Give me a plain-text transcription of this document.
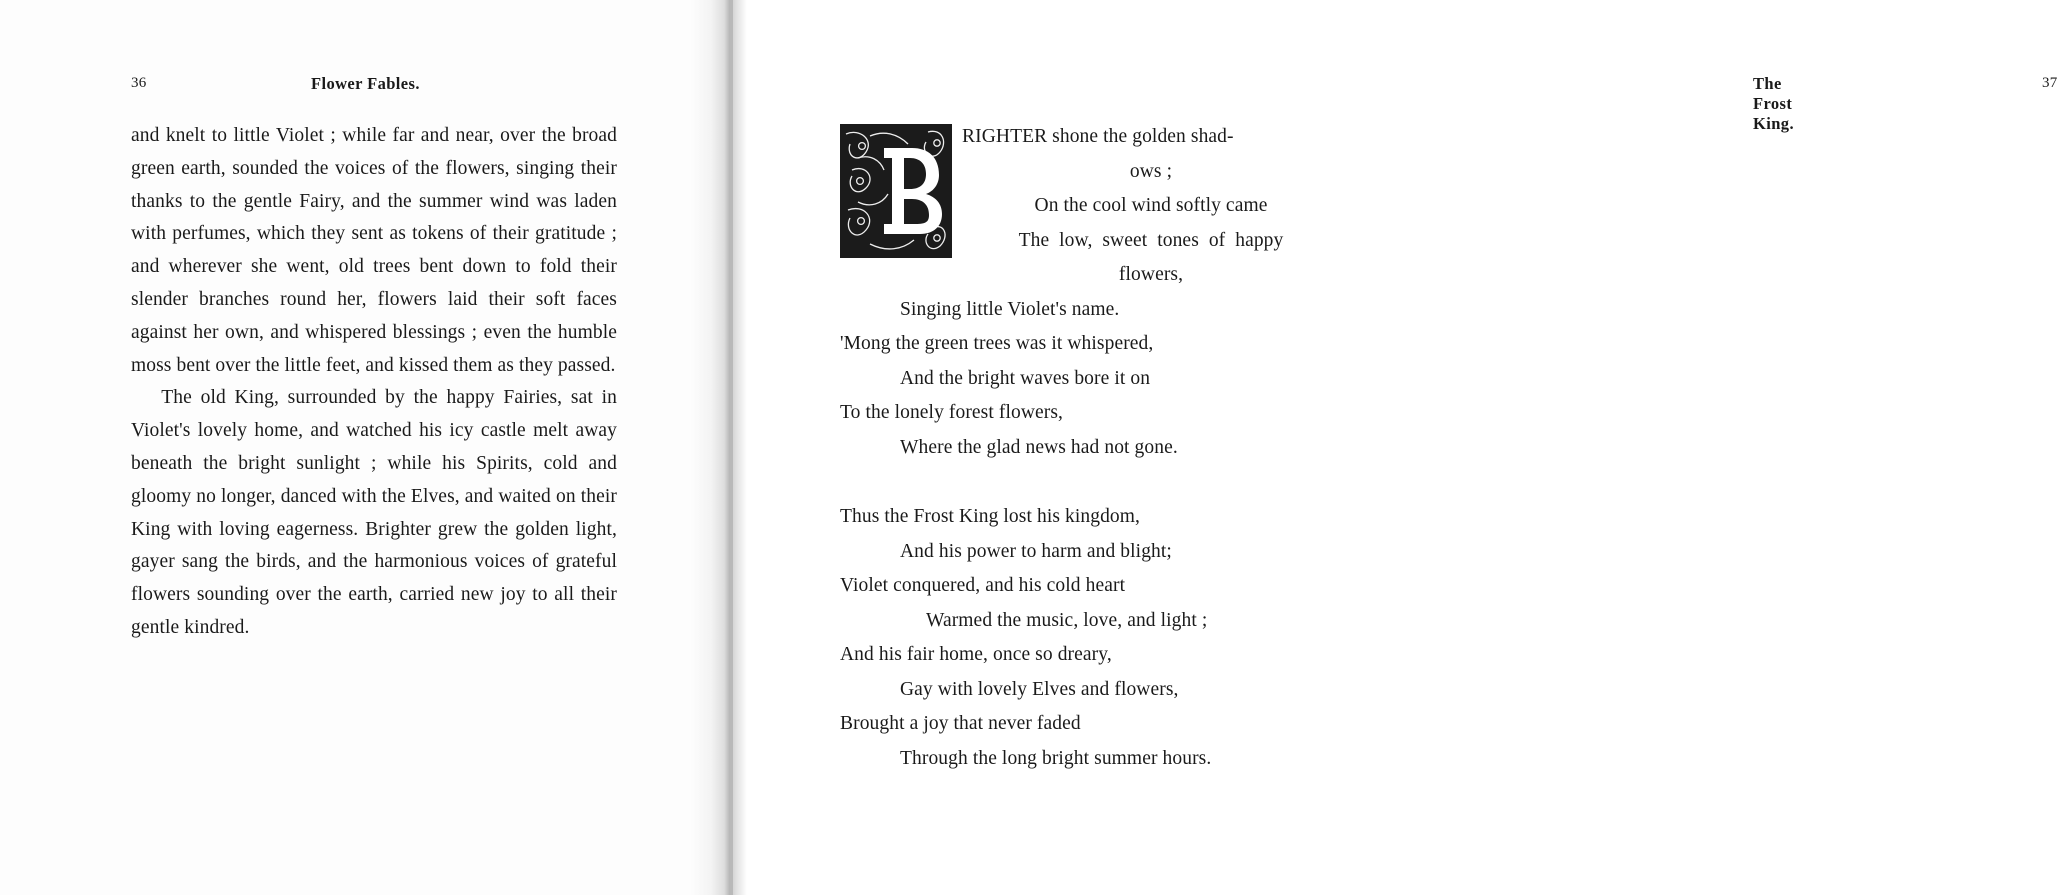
36	Flower Fables.

and knelt to little Violet ; while far and near, over the broad green earth, sounded the voices of the flowers, singing their thanks to the gentle Fairy, and the summer wind was laden with perfumes, which they sent as tokens of their gratitude ; and wherever she went, old trees bent down to fold their slender branches round her, flowers laid their soft faces against her own, and whispered blessings ; even the humble moss bent over the little feet, and kissed them as they passed.

The old King, surrounded by the happy Fairies, sat in Violet's lovely home, and watched his icy castle melt away beneath the bright sunlight ; while his Spirits, cold and gloomy no longer, danced with the Elves, and waited on their King with loving eagerness. Brighter grew the golden light, gayer sang the birds, and the harmonious voices of grateful flowers sounding over the earth, carried new joy to all their gentle kindred.

The Frost King.
37
RIGHTER shone the golden shad-
ows ;
On the cool wind softly came
The  low,  sweet  tones  of  happy
flowers,
Singing little Violet's name.
'Mong the green trees was it whispered,
And the bright waves bore it on
To the lonely forest flowers,
Where the glad news had not gone.
Thus the Frost King lost his kingdom,
And his power to harm and blight;
Violet conquered, and his cold heart
Warmed the music, love, and light ;
And his fair home, once so dreary,
Gay with lovely Elves and flowers,
Brought a joy that never faded
Through the long bright summer hours.
